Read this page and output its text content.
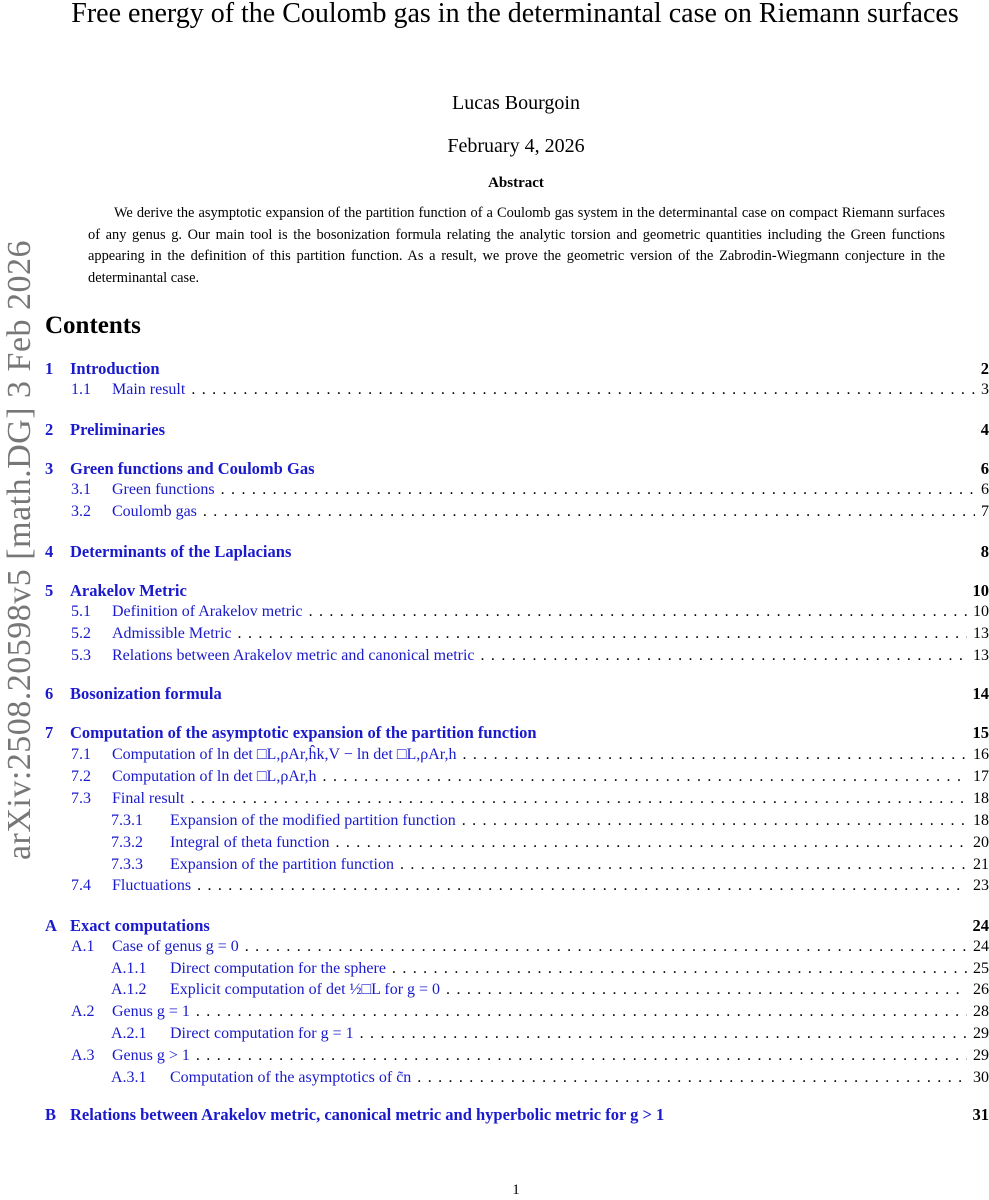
arXiv:2508.20598v5 [math.DG] 3 Feb 2026
Free energy of the Coulomb gas in the determinantal case on Riemann surfaces
Lucas Bourgoin
February 4, 2026
Abstract
We derive the asymptotic expansion of the partition function of a Coulomb gas system in the determinantal case on compact Riemann surfaces of any genus g. Our main tool is the bosonization formula relating the analytic torsion and geometric quantities including the Green functions appearing in the definition of this partition function. As a result, we prove the geometric version of the Zabrodin-Wiegmann conjecture in the determinantal case.
Contents
1	Introduction	2
1.1	Main result . . .	3
2	Preliminaries	4
3	Green functions and Coulomb Gas	6
3.1	Green functions . . .	6
3.2	Coulomb gas . . .	7
4	Determinants of the Laplacians	8
5	Arakelov Metric	10
5.1	Definition of Arakelov metric . . .	10
5.2	Admissible Metric . . .	13
5.3	Relations between Arakelov metric and canonical metric . . .	13
6	Bosonization formula	14
7	Computation of the asymptotic expansion of the partition function	15
7.1	Computation of ln det □L,ρAr,ĥk,V − ln det □L,ρAr,h . . .	16
7.2	Computation of ln det □L,ρAr,h . . .	17
7.3	Final result . . .	18
7.3.1	Expansion of the modified partition function . . .	18
7.3.2	Integral of theta function . . .	20
7.3.3	Expansion of the partition function . . .	21
7.4	Fluctuations . . .	23
A Exact computations	24
A.1	Case of genus g = 0 . . .	24
A.1.1	Direct computation for the sphere . . .	25
A.1.2	Explicit computation of det ½□L for g = 0 . . .	26
A.2	Genus g = 1 . . .	28
A.2.1	Direct computation for g = 1 . . .	29
A.3	Genus g > 1 . . .	29
A.3.1	Computation of the asymptotics of c̃n . . .	30
B Relations between Arakelov metric, canonical metric and hyperbolic metric for g > 1	31
1
